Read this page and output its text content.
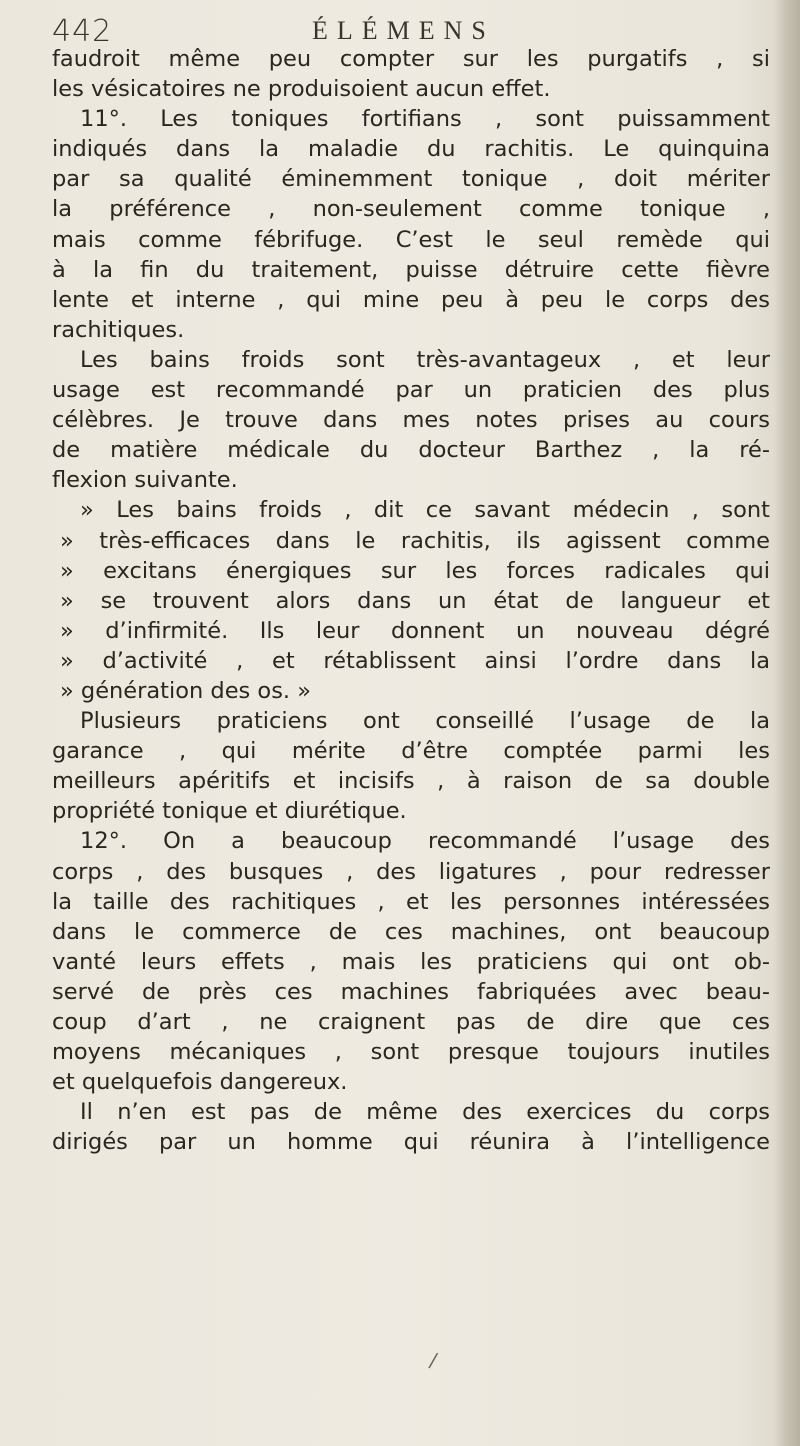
442	ÉLÉMENS
faudroit même peu compter sur les purgatifs , si
les vésicatoires ne produisoient aucun effet.
11°. Les toniques fortifians , sont puissamment
indiqués dans la maladie du rachitis. Le quinquina
par sa qualité éminemment tonique , doit mériter
la préférence , non-seulement comme tonique ,
mais comme fébrifuge. C’est le seul remède qui
à la fin du traitement, puisse détruire cette fièvre
lente et interne , qui mine peu à peu le corps des
rachitiques.
Les bains froids sont très-avantageux , et leur
usage est recommandé par un praticien des plus
célèbres. Je trouve dans mes notes prises au cours
de matière médicale du docteur Barthez , la ré-
flexion suivante.
» Les bains froids , dit ce savant médecin , sont
» très-efficaces dans le rachitis, ils agissent comme
» excitans énergiques sur les forces radicales qui
» se trouvent alors dans un état de langueur et
» d’infirmité. Ils leur donnent un nouveau dégré
» d’activité , et rétablissent ainsi l’ordre dans la
» génération des os. »
Plusieurs praticiens ont conseillé l’usage de la
garance , qui mérite d’être comptée parmi les
meilleurs apéritifs et incisifs , à raison de sa double
propriété tonique et diurétique.
12°. On a beaucoup recommandé l’usage des
corps , des busques , des ligatures , pour redresser
la taille des rachitiques , et les personnes intéressées
dans le commerce de ces machines, ont beaucoup
vanté leurs effets , mais les praticiens qui ont ob-
servé de près ces machines fabriquées avec beau-
coup d’art , ne craignent pas de dire que ces
moyens mécaniques , sont presque toujours inutiles
et quelquefois dangereux.
Il n’en est pas de même des exercices du corps
dirigés par un homme qui réunira à l’intelligence
/
